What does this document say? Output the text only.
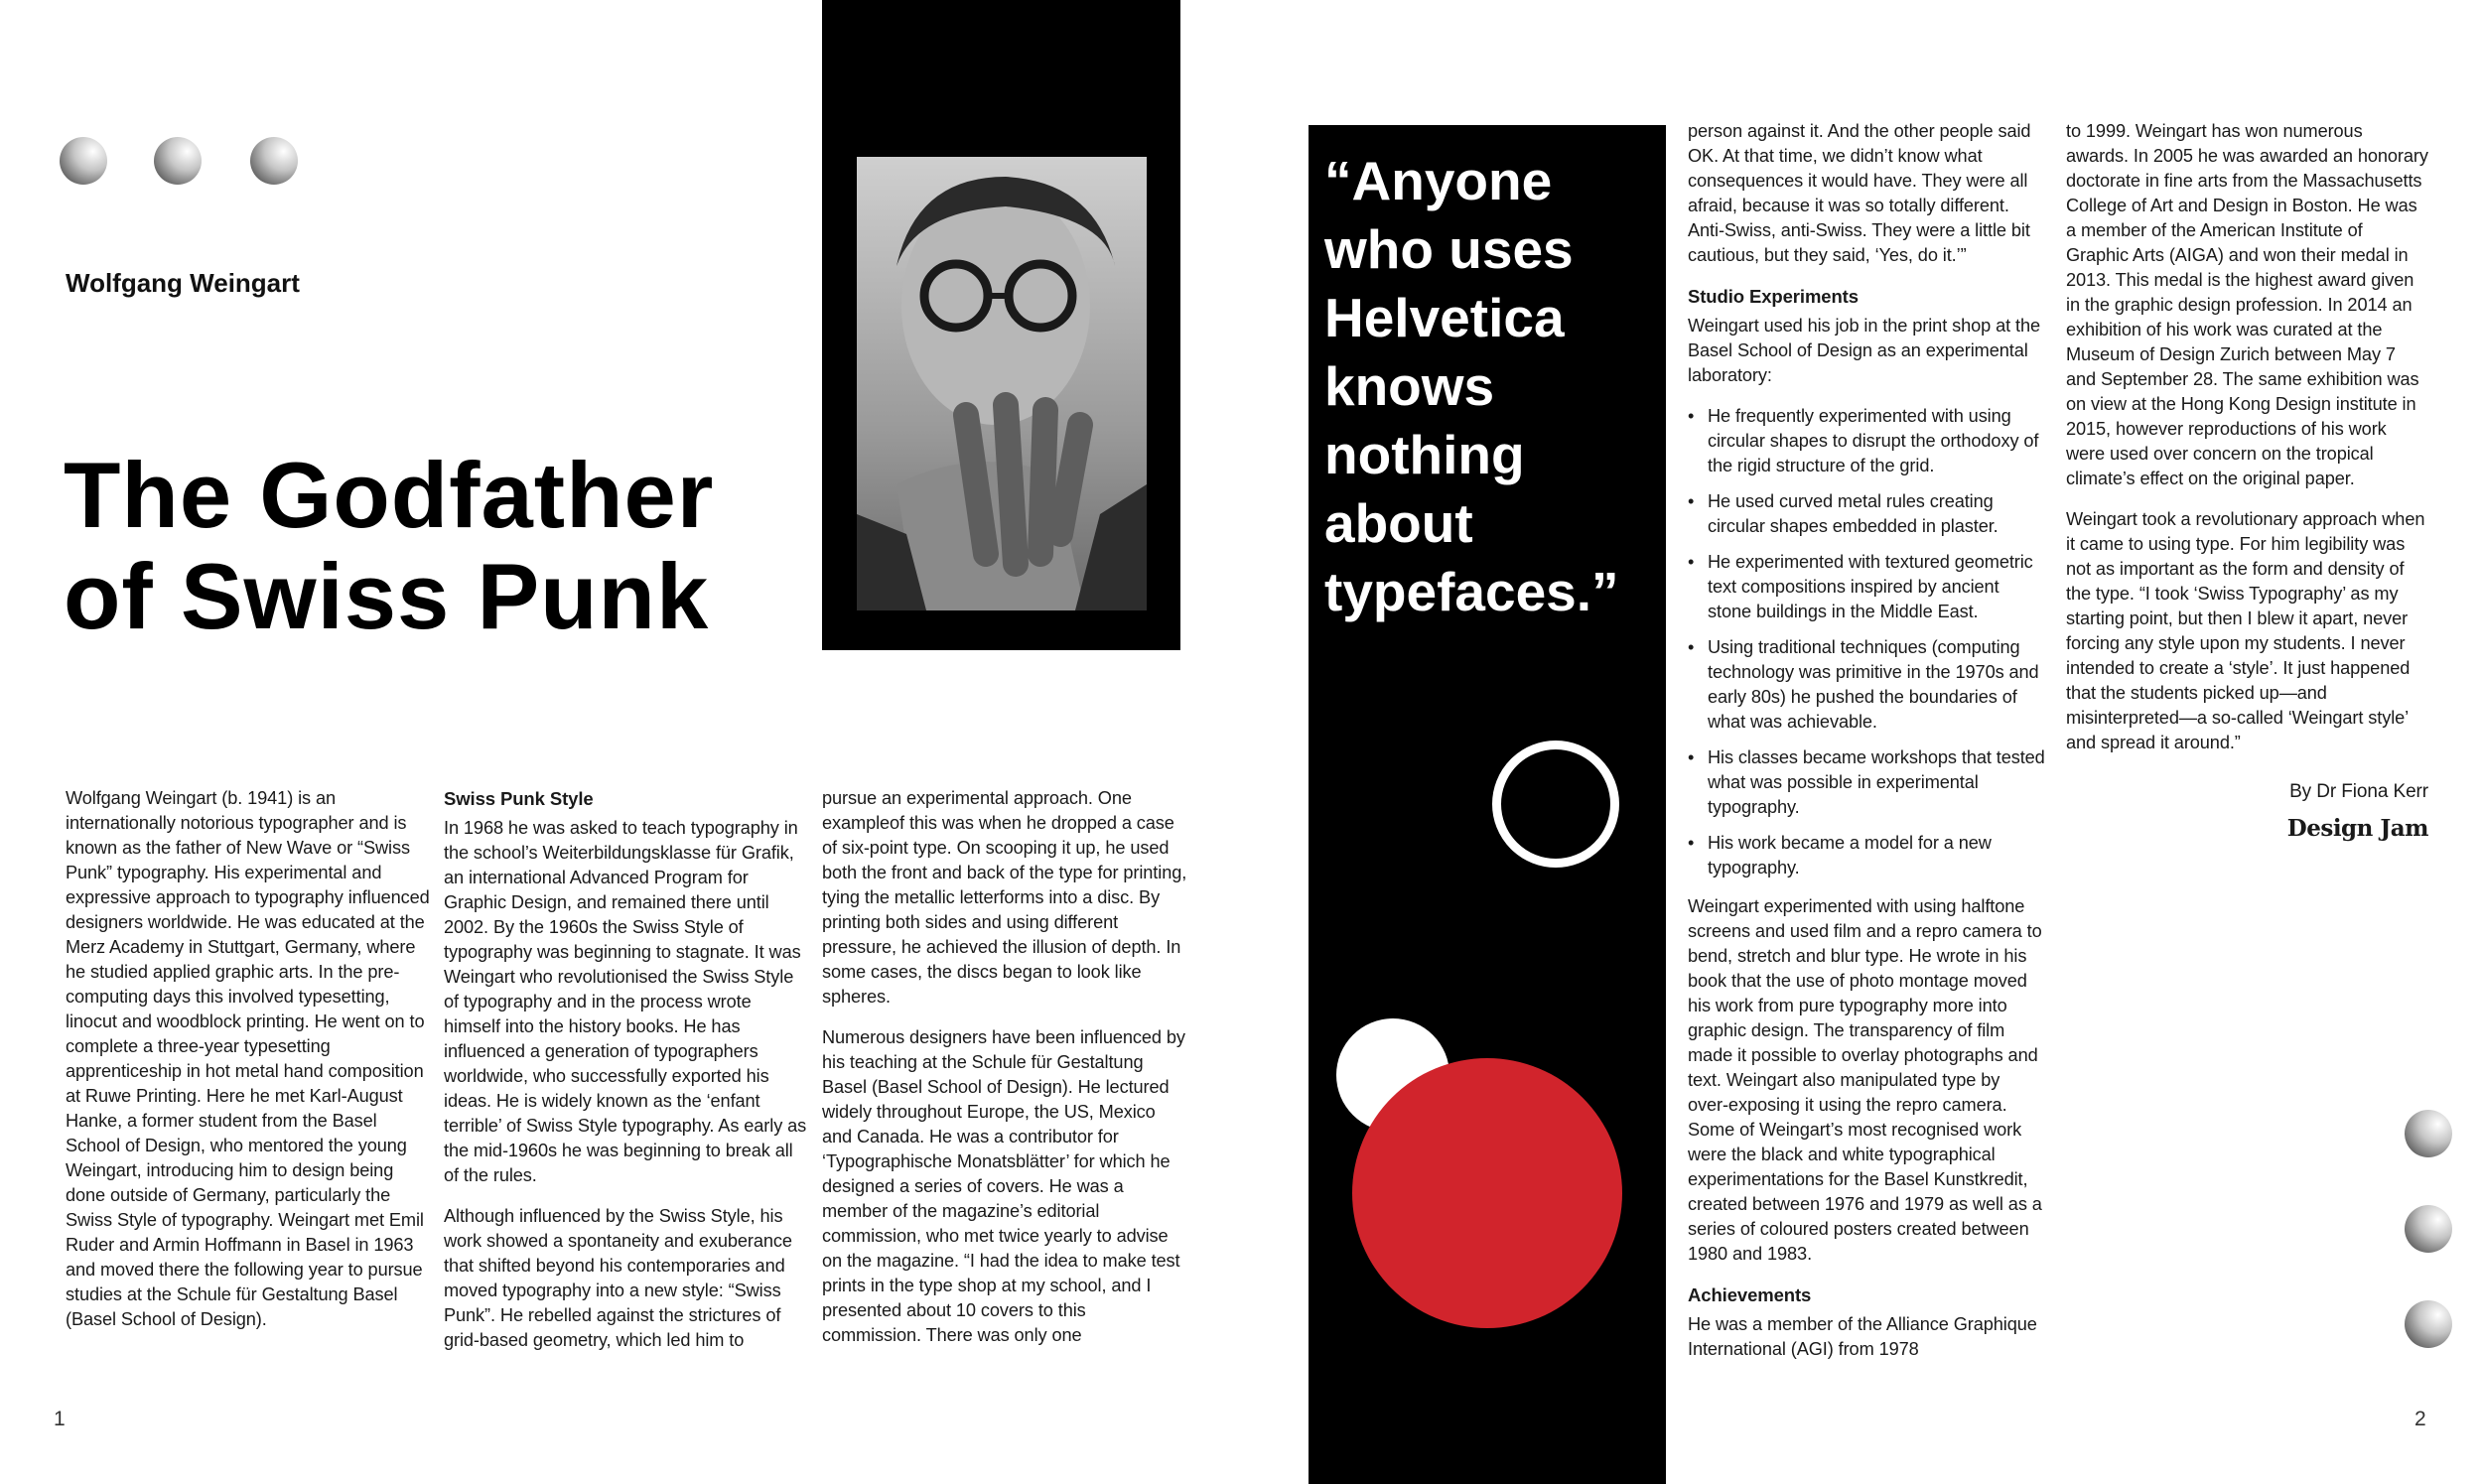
Wolfgang Weingart
The Godfather
of Swiss Punk

Wolfgang Weingart (b. 1941) is an internationally notorious typographer and is known as the father of New Wave or “Swiss Punk” typography. His experimental and expressive approach to typography influenced designers worldwide. He was educated at the Merz Academy in Stuttgart, Germany, where he studied applied graphic arts. In the pre-computing days this involved typesetting, linocut and woodblock printing. He went on to complete a three-year typesetting apprenticeship in hot metal hand composition at Ruwe Printing. Here he met Karl-August Hanke, a former student from the Basel School of Design, who mentored the young Weingart, introducing him to design being done outside of Germany, particularly the Swiss Style of typography. Weingart met Emil Ruder and Armin Hoffmann in Basel in 1963 and moved there the following year to pursue studies at the Schule für Gestaltung Basel (Basel School of Design).

Swiss Punk Style

In 1968 he was asked to teach typography in the school’s Weiterbildungsklasse für Grafik, an international Advanced Program for Graphic Design, and remained there until 2002. By the 1960s the Swiss Style of typography was beginning to stagnate. It was Weingart who revolutionised the Swiss Style of typography and in the process wrote himself into the history books. He has influenced a generation of typographers worldwide, who successfully exported his ideas. He is widely known as the ‘enfant terrible’ of Swiss Style typography. As early as the mid-1960s he was beginning to break all of the rules.

Although influenced by the Swiss Style, his work showed a spontaneity and exuberance that shifted beyond his contemporaries and moved typography into a new style: “Swiss Punk”. He rebelled against the strictures of grid-based geometry, which led him to

pursue an experimental approach. One exampleof this was when he dropped a case of six-point type. On scooping it up, he used both the front and back of the type for printing, tying the metallic letterforms into a disc. By printing both sides and using different pressure, he achieved the illusion of depth. In some cases, the discs began to look like spheres.

Numerous designers have been influenced by his teaching at the Schule für Gestaltung Basel (Basel School of Design). He lectured widely throughout Europe, the US, Mexico and Canada. He was a contributor for ‘Typographische Monatsblätter’ for which he designed a series of covers. He was a member of the magazine’s editorial commission, who met twice yearly to advise on the magazine. “I had the idea to make test prints in the type shop at my school, and I presented about 10 covers to this commission. There was only one

1
“Anyone who uses Helvetica knows nothing about typefaces.”

person against it. And the other people said OK. At that time, we didn’t know what consequences it would have. They were all afraid, because it was so totally different. Anti-Swiss, anti-Swiss. They were a little bit cautious, but they said, ‘Yes, do it.’”

Studio Experiments

Weingart used his job in the print shop at the Basel School of Design as an experimental laboratory:

• He frequently experimented with using circular shapes to disrupt the orthodoxy of the rigid structure of the grid.
• He used curved metal rules creating circular shapes embedded in plaster.
• He experimented with textured geometric text compositions inspired by ancient stone buildings in the Middle East.
• Using traditional techniques (computing technology was primitive in the 1970s and early 80s) he pushed the boundaries of what was achievable.
• His classes became workshops that tested what was possible in experimental typography.
• His work became a model for a new typography.

Weingart experimented with using halftone screens and used film and a repro camera to bend, stretch and blur type. He wrote in his book that the use of photo montage moved his work from pure typography more into graphic design. The transparency of film made it possible to overlay photographs and text. Weingart also manipulated type by over-exposing it using the repro camera. Some of Weingart’s most recognised work were the black and white typographical experimentations for the Basel Kunstkredit, created between 1976 and 1979 as well as a series of coloured posters created between 1980 and 1983.

Achievements

He was a member of the Alliance Graphique International (AGI) from 1978

to 1999. Weingart has won numerous awards. In 2005 he was awarded an honorary doctorate in fine arts from the Massachusetts College of Art and Design in Boston. He was a member of the American Institute of Graphic Arts (AIGA) and won their medal in 2013. This medal is the highest award given in the graphic design profession. In 2014 an exhibition of his work was curated at the Museum of Design Zurich between May 7 and September 28. The same exhibition was on view at the Hong Kong Design institute in 2015, however reproductions of his work were used over concern on the tropical climate’s effect on the original paper.

Weingart took a revolutionary approach when it came to using type. For him legibility was not as important as the form and density of the type. “I took ‘Swiss Typography’ as my starting point, but then I blew it apart, never forcing any style upon my students. I never intended to create a ‘style’. It just happened that the students picked up—and misinterpreted—a so-called ‘Weingart style’ and spread it around.”

By Dr Fiona Kerr
Design Jam
2
